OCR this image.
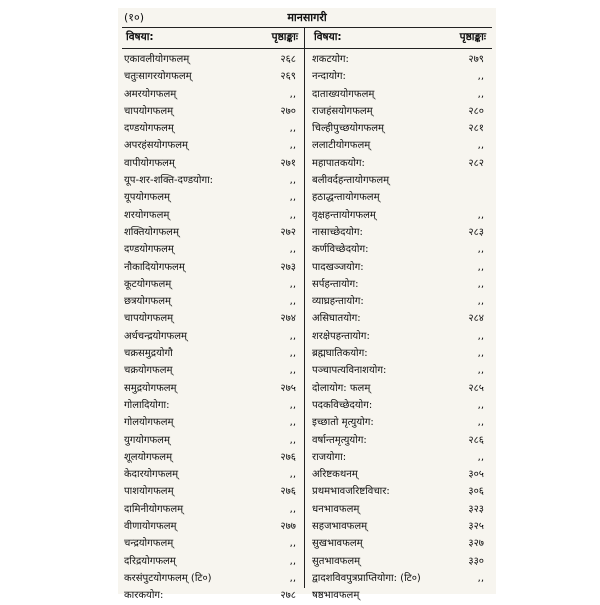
(१०)	मानसागरी
विषया:	पृष्ठाङ्काः विषया:	पृष्ठाङ्काः
एकावलीयोगफलम्	२६८
चतुःसागरयोगफलम्	२६९
अमरयोगफलम्	,,
चापयोगफलम्	२७०
दण्डयोगफलम्	,,
अपरहंसयोगफलम्	,,
वापीयोगफलम्	२७१
यूप-शर-शक्ति-दण्डयोगा:	,,
यूपयोगफलम्	,,
शरयोगफलम्	,,
शक्तियोगफलम्	२७२
दण्डयोगफलम्	,,
नौकादियोगफलम्	२७३
कूटयोगफलम्	,,
छत्रयोगफलम्	,,
चापयोगफलम्	२७४
अर्धचन्द्रयोगफलम्	,,
चक्रसमुद्रयोगौ	,,
चक्रयोगफलम्	,,
समुद्रयोगफलम्	२७५
गोलादियोगा:	,,
गोलयोगफलम्	,,
युगयोगफलम्	,,
शूलयोगफलम्	२७६
केदारयोगफलम्	,,
पाशयोगफलम्	२७६
दामिनीयोगफलम्	,,
वीणायोगफलम्	२७७
चन्द्रयोगफलम्	,,
दरिद्रयोगफलम्	,,
करसंपुटयोगफलम् (टि०)	,,
कारकयोग:	२७८
शकटयोग:	२७९
नन्दायोग:	,,
दाताख्ययोगफलम्	,,
राजहंसयोगफलम्	२८०
चिल्हीपुच्छयोगफलम्	२८१
ललाटीयोगफलम्	,,
महापातकयोग:	२८२
बलीवर्दहन्तायोगफलम्
हठाद्धन्तायोगफलम्
वृक्षहन्तायोगफलम्	,,
नासाच्छेदयोग:	२८३
कर्णविच्छेदयोग:	,,
पादखञ्जयोग:	,,
सर्पहन्तायोग:	,,
व्याघ्रहन्तायोग:	,,
असिघातयोग:	२८४
शरक्षेपहन्तायोग:	,,
ब्रह्मघातिकयोग:	,,
पञ्चापत्यविनाशयोग:	,,
दोलायोग: फलम्	२८५
पदकविच्छेदयोग:	,,
इच्छातो मृत्युयोग:	,,
वर्षान्तमृत्युयोग:	२८६
राजयोगा:	,,
अरिष्टकथनम्	३०५
प्रथमभावजरिष्टविचार:	३०६
धनभावफलम्	३२३
सहजभावफलम्	३२५
सुखभावफलम्	३२७
सुतभावफलम्	३३०
द्वादशविवपुत्रप्राप्तियोगा: (टि०)	,,
षष्ठभावफलम्
